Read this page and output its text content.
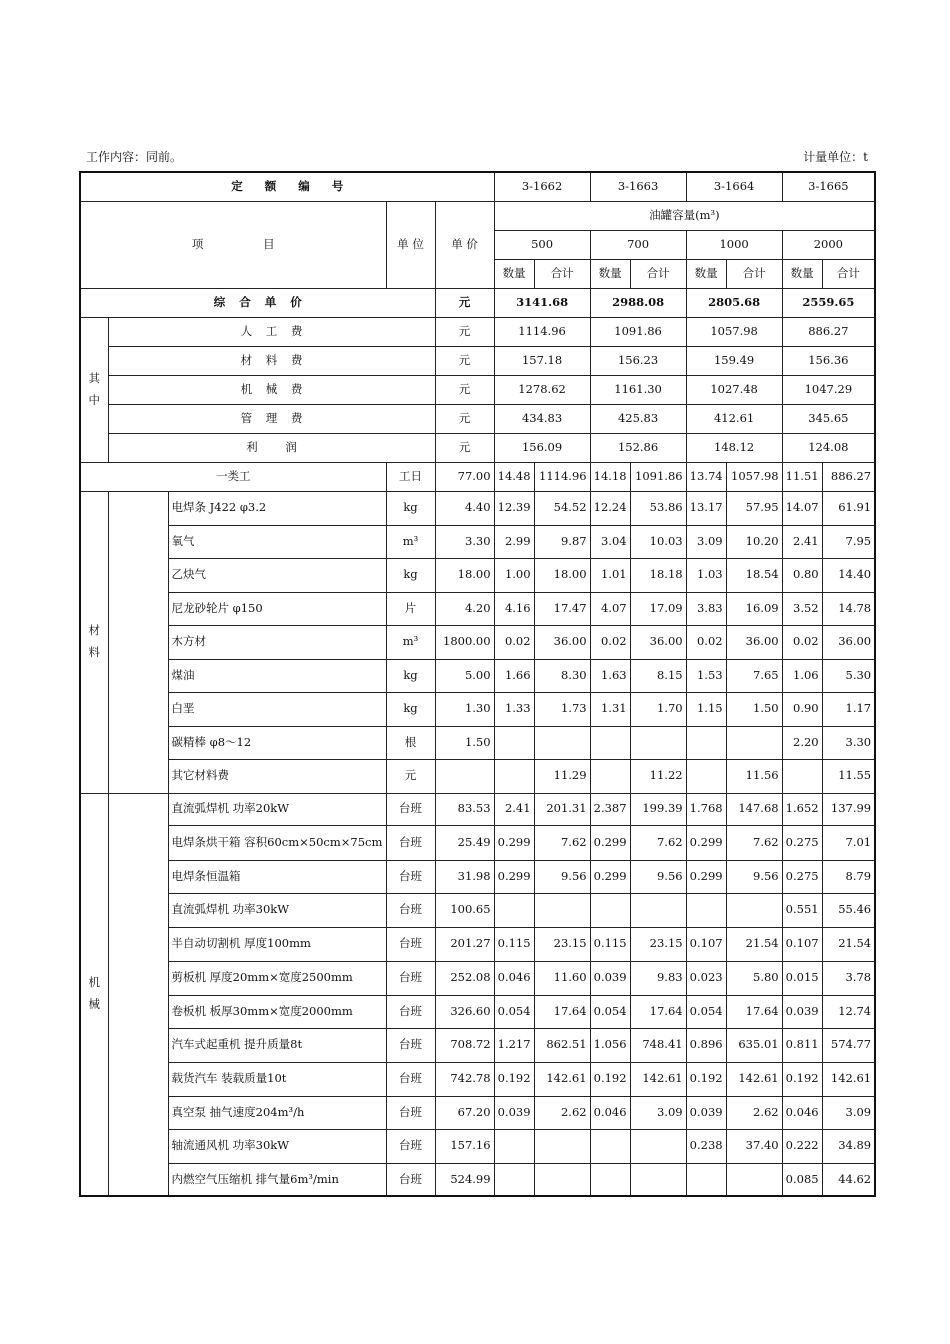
工作内容：同前。	计量单位：t
定 额 编 号					3-1662		3-1663		3-1664		3-1665	
项 目			单 位	单 价	油罐容量(m³)							
					500		700		1000		2000	
					数量	合计	数量	合计	数量	合计	数量	合计
综 合 单 价				元	3141.68		2988.08		2805.68		2559.65	
其中	人 工 费			元	1114.96		1091.86		1057.98		886.27	
	材 料 费			元	157.18		156.23		159.49		156.36	
	机 械 费			元	1278.62		1161.30		1027.48		1047.29	
	管 理 费			元	434.83		425.83		412.61		345.65	
	利 润			元	156.09		152.86		148.12		124.08	
一类工			工日	77.00	14.48	1114.96	14.18	1091.86	13.74	1057.98	11.51	886.27
材料		电焊条 J422 φ3.2	kg	4.40	12.39	54.52	12.24	53.86	13.17	57.95	14.07	61.91
		氧气	m³	3.30	2.99	9.87	3.04	10.03	3.09	10.20	2.41	7.95
		乙炔气	kg	18.00	1.00	18.00	1.01	18.18	1.03	18.54	0.80	14.40
		尼龙砂轮片 φ150	片	4.20	4.16	17.47	4.07	17.09	3.83	16.09	3.52	14.78
		木方材	m³	1800.00	0.02	36.00	0.02	36.00	0.02	36.00	0.02	36.00
		煤油	kg	5.00	1.66	8.30	1.63	8.15	1.53	7.65	1.06	5.30
		白垩	kg	1.30	1.33	1.73	1.31	1.70	1.15	1.50	0.90	1.17
		碳精棒 φ8～12	根	1.50							2.20	3.30
		其它材料费	元			11.29		11.22		11.56		11.55
机械		直流弧焊机 功率20kW	台班	83.53	2.41	201.31	2.387	199.39	1.768	147.68	1.652	137.99
		电焊条烘干箱 容积60cm×50cm×75cm	台班	25.49	0.299	7.62	0.299	7.62	0.299	7.62	0.275	7.01
		电焊条恒温箱	台班	31.98	0.299	9.56	0.299	9.56	0.299	9.56	0.275	8.79
		直流弧焊机 功率30kW	台班	100.65							0.551	55.46
		半自动切割机 厚度100mm	台班	201.27	0.115	23.15	0.115	23.15	0.107	21.54	0.107	21.54
		剪板机 厚度20mm×宽度2500mm	台班	252.08	0.046	11.60	0.039	9.83	0.023	5.80	0.015	3.78
		卷板机 板厚30mm×宽度2000mm	台班	326.60	0.054	17.64	0.054	17.64	0.054	17.64	0.039	12.74
		汽车式起重机 提升质量8t	台班	708.72	1.217	862.51	1.056	748.41	0.896	635.01	0.811	574.77
		载货汽车 装载质量10t	台班	742.78	0.192	142.61	0.192	142.61	0.192	142.61	0.192	142.61
		真空泵 抽气速度204m³/h	台班	67.20	0.039	2.62	0.046	3.09	0.039	2.62	0.046	3.09
		轴流通风机 功率30kW	台班	157.16					0.238	37.40	0.222	34.89
		内燃空气压缩机 排气量6m³/min	台班	524.99							0.085	44.62
